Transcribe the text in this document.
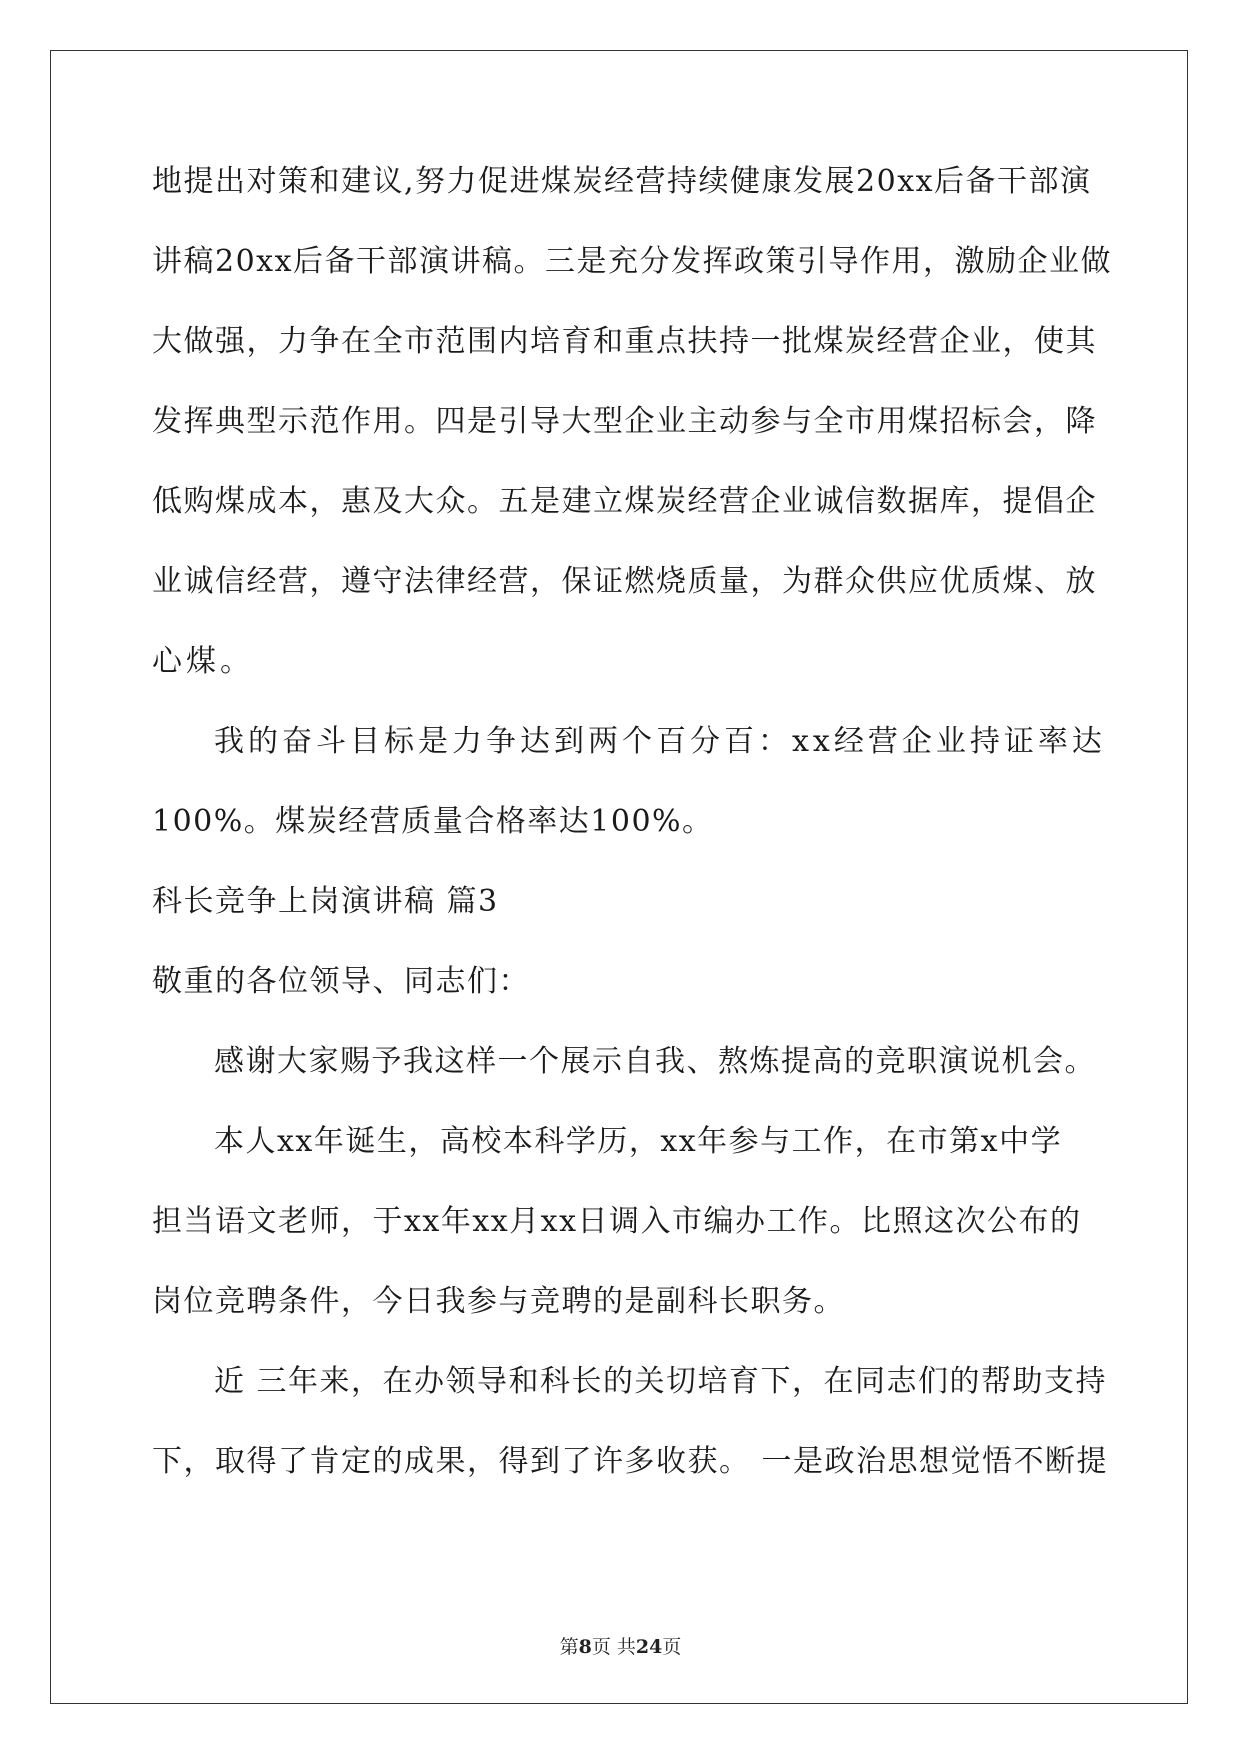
地提出对策和建议,努力促进煤炭经营持续健康发展20xx后备干部演
讲稿20xx后备干部演讲稿。三是充分发挥政策引导作用，激励企业做
大做强，力争在全市范围内培育和重点扶持一批煤炭经营企业，使其
发挥典型示范作用。四是引导大型企业主动参与全市用煤招标会，降
低购煤成本，惠及大众。五是建立煤炭经营企业诚信数据库，提倡企
业诚信经营，遵守法律经营，保证燃烧质量，为群众供应优质煤、放
心煤。
我的奋斗目标是力争达到两个百分百：xx经营企业持证率达
100%。煤炭经营质量合格率达100%。
科长竞争上岗演讲稿 篇3
敬重的各位领导、同志们：
感谢大家赐予我这样一个展示自我、熬炼提高的竞职演说机会。
本人xx年诞生，高校本科学历，xx年参与工作，在市第x中学
担当语文老师，于xx年xx月xx日调入市编办工作。比照这次公布的
岗位竞聘条件，今日我参与竞聘的是副科长职务。
近 三年来，在办领导和科长的关切培育下，在同志们的帮助支持
下，取得了肯定的成果，得到了许多收获。 一是政治思想觉悟不断提
第8页 共24页
